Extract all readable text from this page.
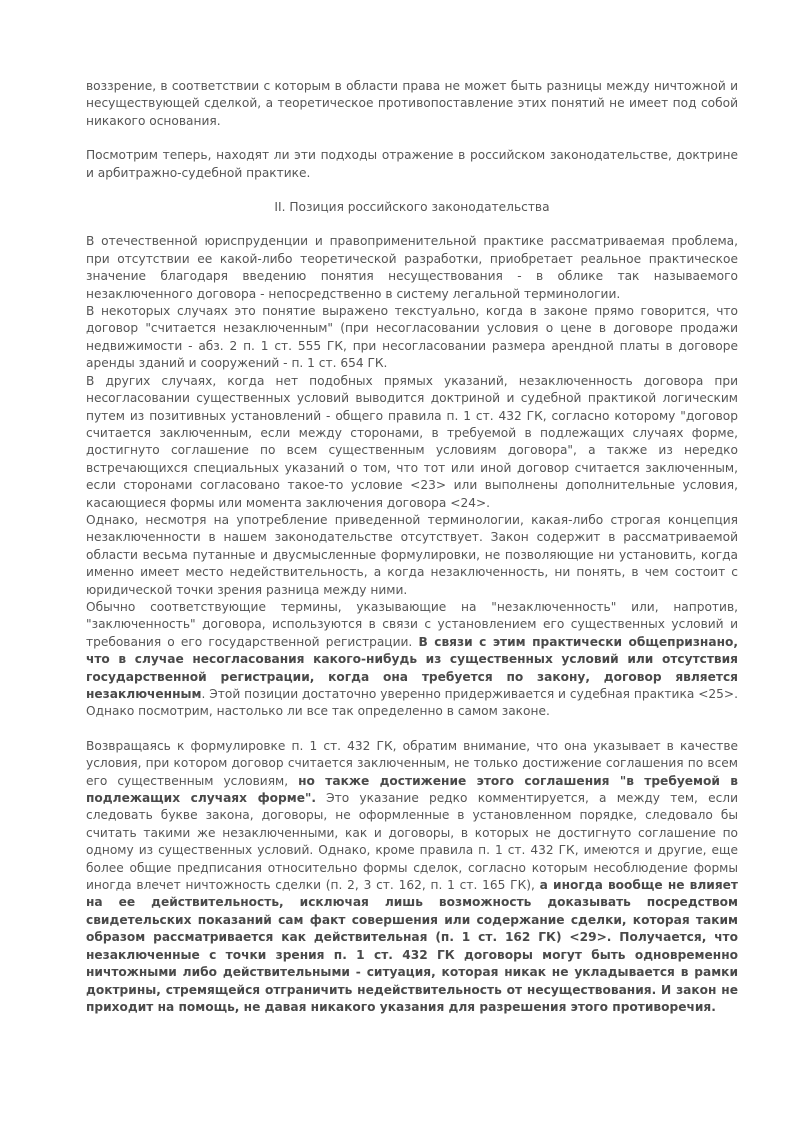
воззрение, в соответствии с которым в области права не может быть разницы между ничтожной и несуществующей сделкой, а теоретическое противопоставление этих понятий не имеет под собой никакого основания.

Посмотрим теперь, находят ли эти подходы отражение в российском законодательстве, доктрине и арбитражно-судебной практике.

II. Позиция российского законодательства

В отечественной юриспруденции и правоприменительной практике рассматриваемая проблема, при отсутствии ее какой-либо теоретической разработки, приобретает реальное практическое значение благодаря введению понятия несуществования - в облике так называемого незаключенного договора - непосредственно в систему легальной терминологии.

В некоторых случаях это понятие выражено текстуально, когда в законе прямо говорится, что договор "считается незаключенным" (при несогласовании условия о цене в договоре продажи недвижимости - абз. 2 п. 1 ст. 555 ГК, при несогласовании размера арендной платы в договоре аренды зданий и сооружений - п. 1 ст. 654 ГК.

В других случаях, когда нет подобных прямых указаний, незаключенность договора при несогласовании существенных условий выводится доктриной и судебной практикой логическим путем из позитивных установлений - общего правила п. 1 ст. 432 ГК, согласно которому "договор считается заключенным, если между сторонами, в требуемой в подлежащих случаях форме, достигнуто соглашение по всем существенным условиям договора", а также из нередко встречающихся специальных указаний о том, что тот или иной договор считается заключенным, если сторонами согласовано такое-то условие <23> или выполнены дополнительные условия, касающиеся формы или момента заключения договора <24>.

Однако, несмотря на употребление приведенной терминологии, какая-либо строгая концепция незаключенности в нашем законодательстве отсутствует. Закон содержит в рассматриваемой области весьма путанные и двусмысленные формулировки, не позволяющие ни установить, когда именно имеет место недействительность, а когда незаключенность, ни понять, в чем состоит с юридической точки зрения разница между ними.

Обычно соответствующие термины, указывающие на "незаключенность" или, напротив, "заключенность" договора, используются в связи с установлением его существенных условий и требования о его государственной регистрации. В связи с этим практически общепризнано, что в случае несогласования какого-нибудь из существенных условий или отсутствия государственной регистрации, когда она требуется по закону, договор является незаключенным. Этой позиции достаточно уверенно придерживается и судебная практика <25>. Однако посмотрим, настолько ли все так определенно в самом законе.

Возвращаясь к формулировке п. 1 ст. 432 ГК, обратим внимание, что она указывает в качестве условия, при котором договор считается заключенным, не только достижение соглашения по всем его существенным условиям, но также достижение этого соглашения "в требуемой в подлежащих случаях форме". Это указание редко комментируется, а между тем, если следовать букве закона, договоры, не оформленные в установленном порядке, следовало бы считать такими же незаключенными, как и договоры, в которых не достигнуто соглашение по одному из существенных условий. Однако, кроме правила п. 1 ст. 432 ГК, имеются и другие, еще более общие предписания относительно формы сделок, согласно которым несоблюдение формы иногда влечет ничтожность сделки (п. 2, 3 ст. 162, п. 1 ст. 165 ГК), а иногда вообще не влияет на ее действительность, исключая лишь возможность доказывать посредством свидетельских показаний сам факт совершения или содержание сделки, которая таким образом рассматривается как действительная (п. 1 ст. 162 ГК) <29>. Получается, что незаключенные с точки зрения п. 1 ст. 432 ГК договоры могут быть одновременно ничтожными либо действительными - ситуация, которая никак не укладывается в рамки доктрины, стремящейся отграничить недействительность от несуществования. И закон не приходит на помощь, не давая никакого указания для разрешения этого противоречия.
